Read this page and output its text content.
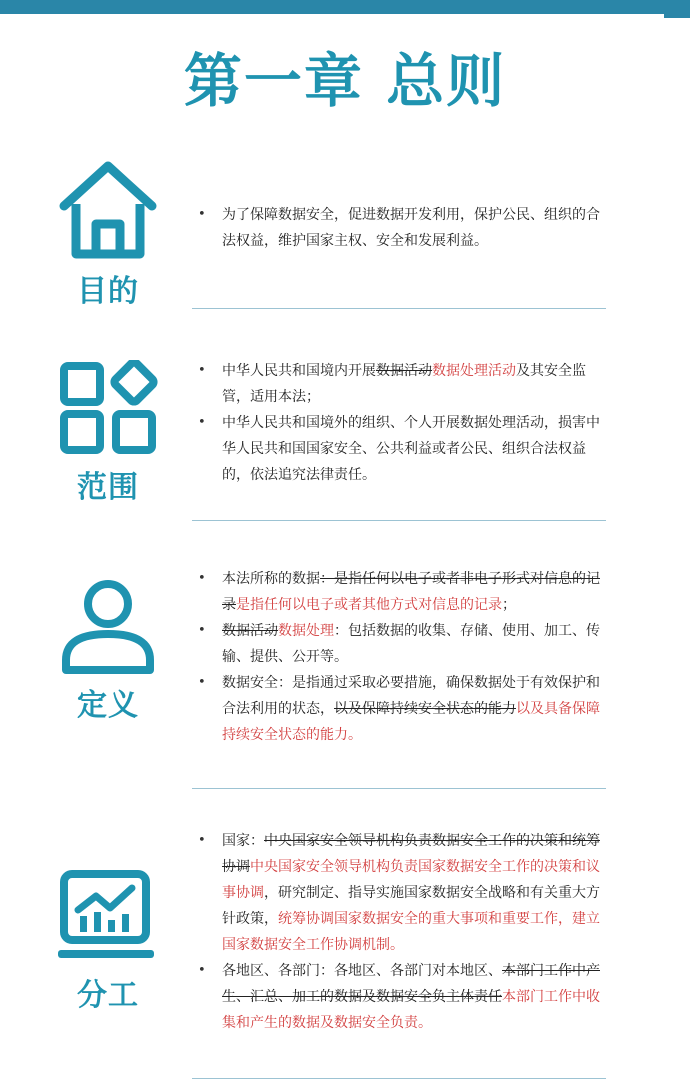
第一章 总则
目的
• 为了保障数据安全，促进数据开发利用，保护公民、组织的合法权益，维护国家主权、安全和发展利益。
范围
• 中华人民共和国境内开展数据活动数据处理活动及其安全监管，适用本法；
• 中华人民共和国境外的组织、个人开展数据处理活动，损害中华人民共和国国家安全、公共利益或者公民、组织合法权益的，依法追究法律责任。
定义
• 本法所称的数据：是指任何以电子或者非电子形式对信息的记录是指任何以电子或者其他方式对信息的记录；
• 数据活动数据处理：包括数据的收集、存储、使用、加工、传输、提供、公开等。
• 数据安全：是指通过采取必要措施，确保数据处于有效保护和合法利用的状态，以及保障持续安全状态的能力以及具备保障持续安全状态的能力。
分工
• 国家：中央国家安全领导机构负责数据安全工作的决策和统筹协调中央国家安全领导机构负责国家数据安全工作的决策和议事协调，研究制定、指导实施国家数据安全战略和有关重大方针政策，统筹协调国家数据安全的重大事项和重要工作，建立国家数据安全工作协调机制。
• 各地区、各部门：各地区、各部门对本地区、本部门工作中产生、汇总、加工的数据及数据安全负主体责任本部门工作中收集和产生的数据及数据安全负责。
